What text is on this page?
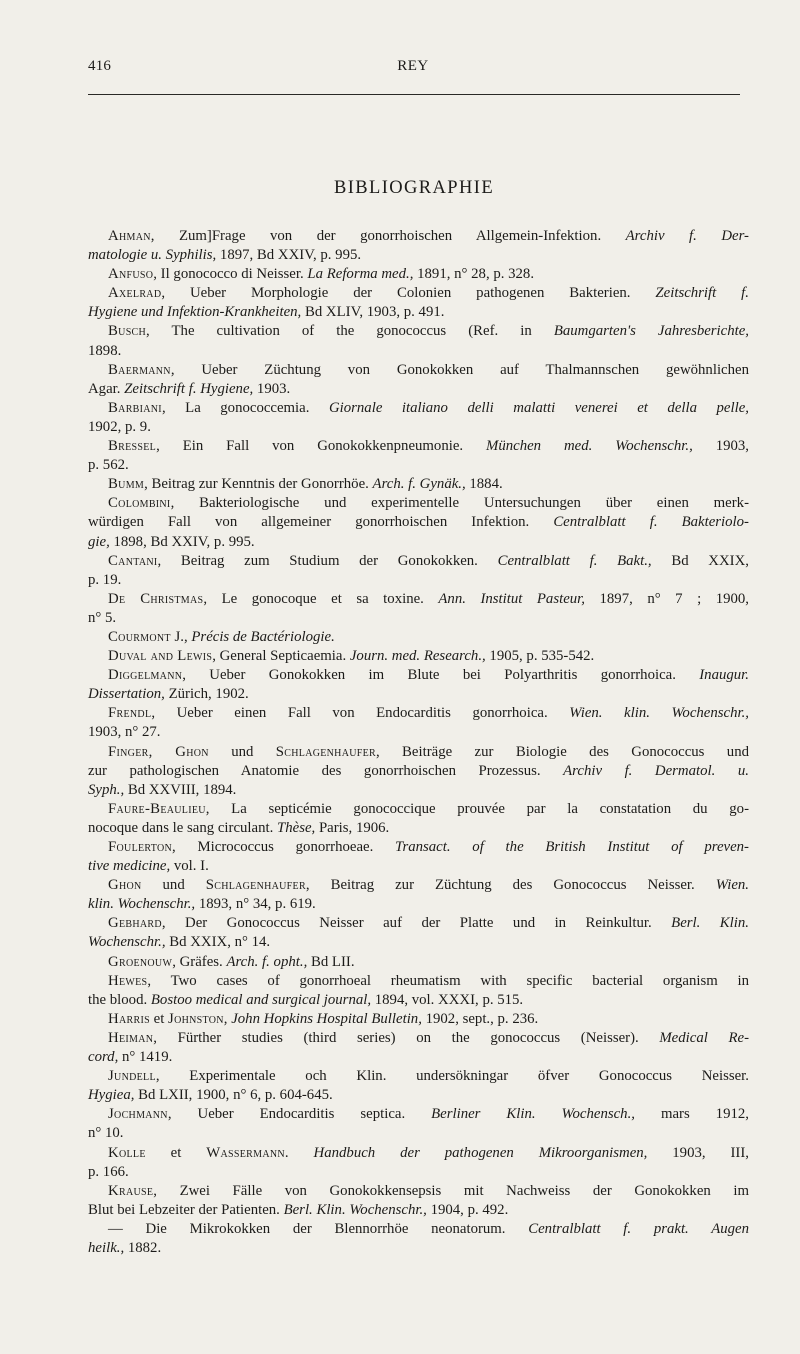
416	REY
BIBLIOGRAPHIE

Ahman, Zum]Frage von der gonorrhoischen Allgemein-Infektion. Archiv f. Der-
matologie u. Syphilis, 1897, Bd XXIV, p. 995.

Anfuso, Il gonococco di Neisser. La Reforma med., 1891, n° 28, p. 328.

Axelrad, Ueber Morphologie der Colonien pathogenen Bakterien. Zeitschrift f.
Hygiene und Infektion-Krankheiten, Bd XLIV, 1903, p. 491.

Busch, The cultivation of the gonococcus (Ref. in Baumgarten's Jahresberichte,
1898.

Baermann, Ueber Züchtung von Gonokokken auf Thalmannschen gewöhnlichen
Agar. Zeitschrift f. Hygiene, 1903.

Barbiani, La gonococcemia. Giornale italiano delli malatti venerei et della pelle,
1902, p. 9.

Bressel, Ein Fall von Gonokokkenpneumonie. München med. Wochenschr., 1903,
p. 562.

Bumm, Beitrag zur Kenntnis der Gonorrhöe. Arch. f. Gynäk., 1884.

Colombini, Bakteriologische und experimentelle Untersuchungen über einen merk-
würdigen Fall von allgemeiner gonorrhoischen Infektion. Centralblatt f. Bakteriolo-
gie, 1898, Bd XXIV, p. 995.

Cantani, Beitrag zum Studium der Gonokokken. Centralblatt f. Bakt., Bd XXIX,
p. 19.

De Christmas, Le gonocoque et sa toxine. Ann. Institut Pasteur, 1897, n° 7 ; 1900,
n° 5.

Courmont J., Précis de Bactériologie.

Duval and Lewis, General Septicaemia. Journ. med. Research., 1905, p. 535-542.

Diggelmann, Ueber Gonokokken im Blute bei Polyarthritis gonorrhoica. Inaugur.
Dissertation, Zürich, 1902.

Frendl, Ueber einen Fall von Endocarditis gonorrhoica. Wien. klin. Wochenschr.,
1903, n° 27.

Finger, Ghon und Schlagenhaufer, Beiträge zur Biologie des Gonococcus und
zur pathologischen Anatomie des gonorrhoischen Prozessus. Archiv f. Dermatol. u.
Syph., Bd XXVIII, 1894.

Faure-Beaulieu, La septicémie gonococcique prouvée par la constatation du go-
nocoque dans le sang circulant. Thèse, Paris, 1906.

Foulerton, Micrococcus gonorrhoeae. Transact. of the British Institut of preven-
tive medicine, vol. I.

Ghon und Schlagenhaufer, Beitrag zur Züchtung des Gonococcus Neisser. Wien.
klin. Wochenschr., 1893, n° 34, p. 619.

Gebhard, Der Gonococcus Neisser auf der Platte und in Reinkultur. Berl. Klin.
Wochenschr., Bd XXIX, n° 14.

Groenouw, Gräfes. Arch. f. opht., Bd LII.

Hewes, Two cases of gonorrhoeal rheumatism with specific bacterial organism in
the blood. Bostoo medical and surgical journal, 1894, vol. XXXI, p. 515.

Harris et Johnston, John Hopkins Hospital Bulletin, 1902, sept., p. 236.

Heiman, Fürther studies (third series) on the gonococcus (Neisser). Medical Re-
cord, n° 1419.

Jundell, Experimentale och Klin. undersökningar öfver Gonococcus Neisser.
Hygiea, Bd LXII, 1900, n° 6, p. 604-645.

Jochmann, Ueber Endocarditis septica. Berliner Klin. Wochensch., mars 1912,
n° 10.

Kolle et Wassermann. Handbuch der pathogenen Mikroorganismen, 1903, III,
p. 166.

Krause, Zwei Fälle von Gonokokkensepsis mit Nachweiss der Gonokokken im
Blut bei Lebzeiter der Patienten. Berl. Klin. Wochenschr., 1904, p. 492.

— Die Mikrokokken der Blennorrhöe neonatorum. Centralblatt f. prakt. Augen
heilk., 1882.
